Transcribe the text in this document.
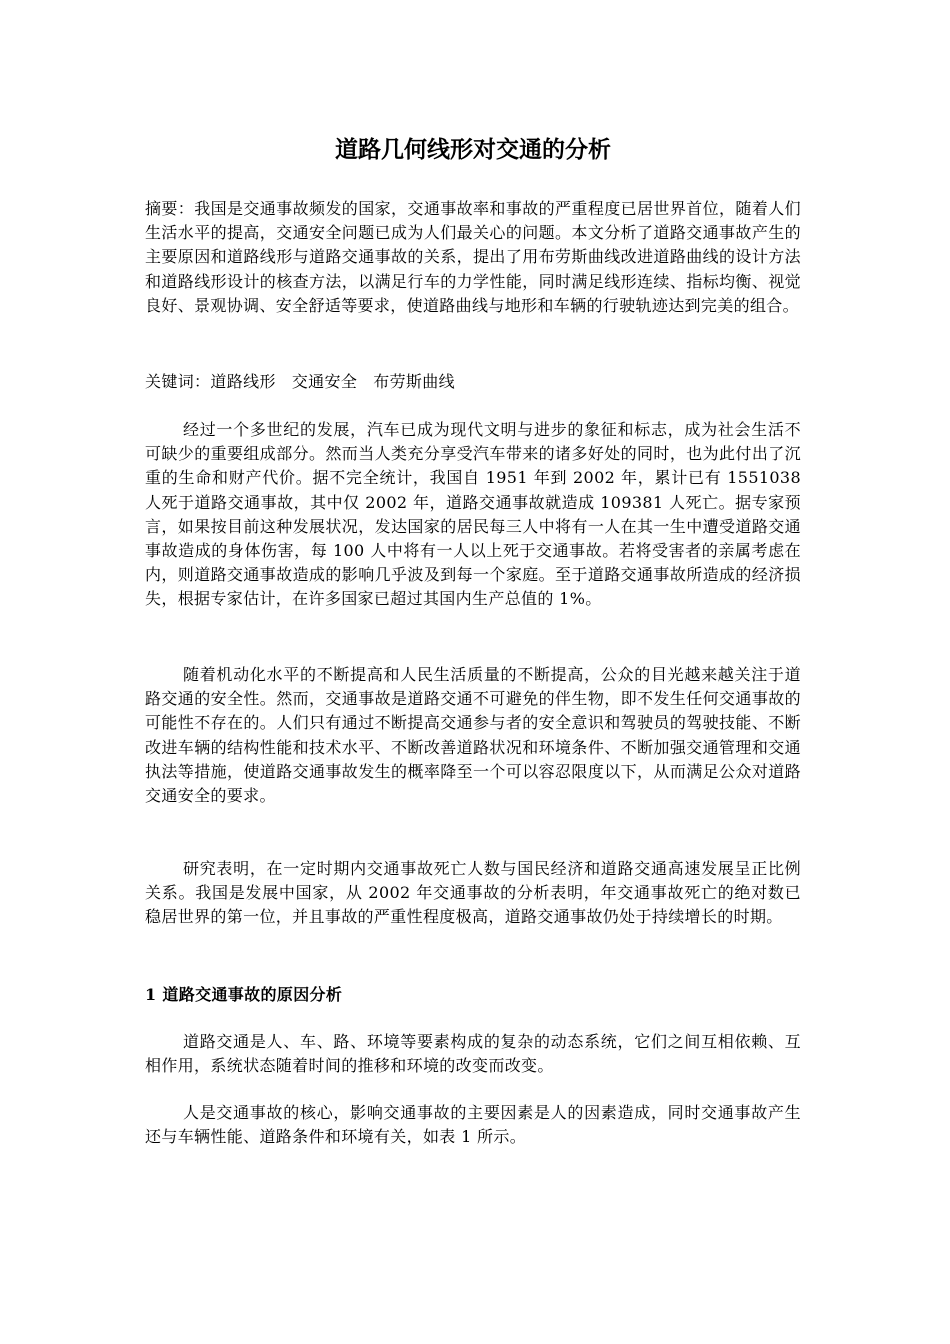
道路几何线形对交通的分析

摘要：我国是交通事故频发的国家，交通事故率和事故的严重程度已居世界首位，随着人们生活水平的提高，交通安全问题已成为人们最关心的问题。本文分析了道路交通事故产生的主要原因和道路线形与道路交通事故的关系，提出了用布劳斯曲线改进道路曲线的设计方法和道路线形设计的核查方法，以满足行车的力学性能，同时满足线形连续、指标均衡、视觉良好、景观协调、安全舒适等要求，使道路曲线与地形和车辆的行驶轨迹达到完美的组合。

关键词：道路线形 交通安全 布劳斯曲线

经过一个多世纪的发展，汽车已成为现代文明与进步的象征和标志，成为社会生活不可缺少的重要组成部分。然而当人类充分享受汽车带来的诸多好处的同时，也为此付出了沉重的生命和财产代价。据不完全统计，我国自 1951 年到 2002 年，累计已有 1551038 人死于道路交通事故，其中仅 2002 年，道路交通事故就造成 109381 人死亡。据专家预言，如果按目前这种发展状况，发达国家的居民每三人中将有一人在其一生中遭受道路交通事故造成的身体伤害，每 100 人中将有一人以上死于交通事故。若将受害者的亲属考虑在内，则道路交通事故造成的影响几乎波及到每一个家庭。至于道路交通事故所造成的经济损失，根据专家估计，在许多国家已超过其国内生产总值的 1%。

随着机动化水平的不断提高和人民生活质量的不断提高，公众的目光越来越关注于道路交通的安全性。然而，交通事故是道路交通不可避免的伴生物，即不发生任何交通事故的可能性不存在的。人们只有通过不断提高交通参与者的安全意识和驾驶员的驾驶技能、不断改进车辆的结构性能和技术水平、不断改善道路状况和环境条件、不断加强交通管理和交通执法等措施，使道路交通事故发生的概率降至一个可以容忍限度以下，从而满足公众对道路交通安全的要求。

研究表明，在一定时期内交通事故死亡人数与国民经济和道路交通高速发展呈正比例关系。我国是发展中国家，从 2002 年交通事故的分析表明，年交通事故死亡的绝对数已稳居世界的第一位，并且事故的严重性程度极高，道路交通事故仍处于持续增长的时期。

1 道路交通事故的原因分析

道路交通是人、车、路、环境等要素构成的复杂的动态系统，它们之间互相依赖、互相作用，系统状态随着时间的推移和环境的改变而改变。

人是交通事故的核心，影响交通事故的主要因素是人的因素造成，同时交通事故产生还与车辆性能、道路条件和环境有关，如表 1 所示。
